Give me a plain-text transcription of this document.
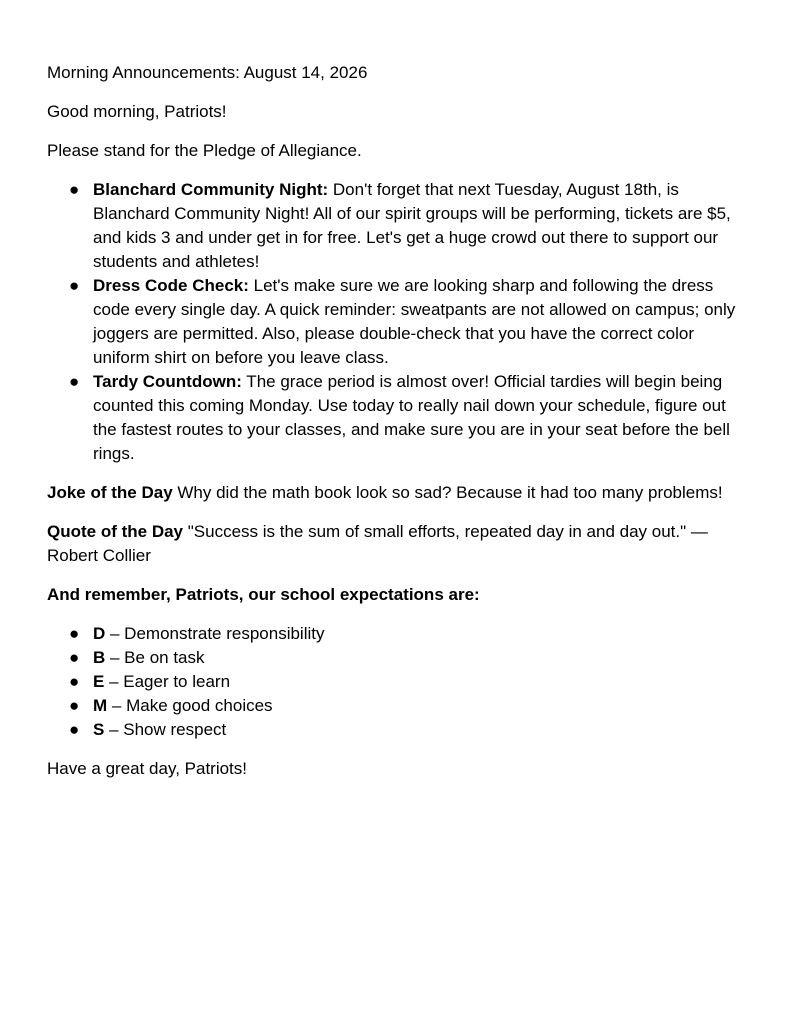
Morning Announcements: August 14, 2026

Good morning, Patriots!

Please stand for the Pledge of Allegiance.

● Blanchard Community Night: Don't forget that next Tuesday, August 18th, is Blanchard Community Night! All of our spirit groups will be performing, tickets are $5, and kids 3 and under get in for free. Let's get a huge crowd out there to support our students and athletes!
● Dress Code Check: Let's make sure we are looking sharp and following the dress code every single day. A quick reminder: sweatpants are not allowed on campus; only joggers are permitted. Also, please double-check that you have the correct color uniform shirt on before you leave class.
● Tardy Countdown: The grace period is almost over! Official tardies will begin being counted this coming Monday. Use today to really nail down your schedule, figure out the fastest routes to your classes, and make sure you are in your seat before the bell rings.

Joke of the Day Why did the math book look so sad? Because it had too many problems!

Quote of the Day "Success is the sum of small efforts, repeated day in and day out." — Robert Collier

And remember, Patriots, our school expectations are:

● D – Demonstrate responsibility
● B – Be on task
● E – Eager to learn
● M – Make good choices
● S – Show respect

Have a great day, Patriots!
